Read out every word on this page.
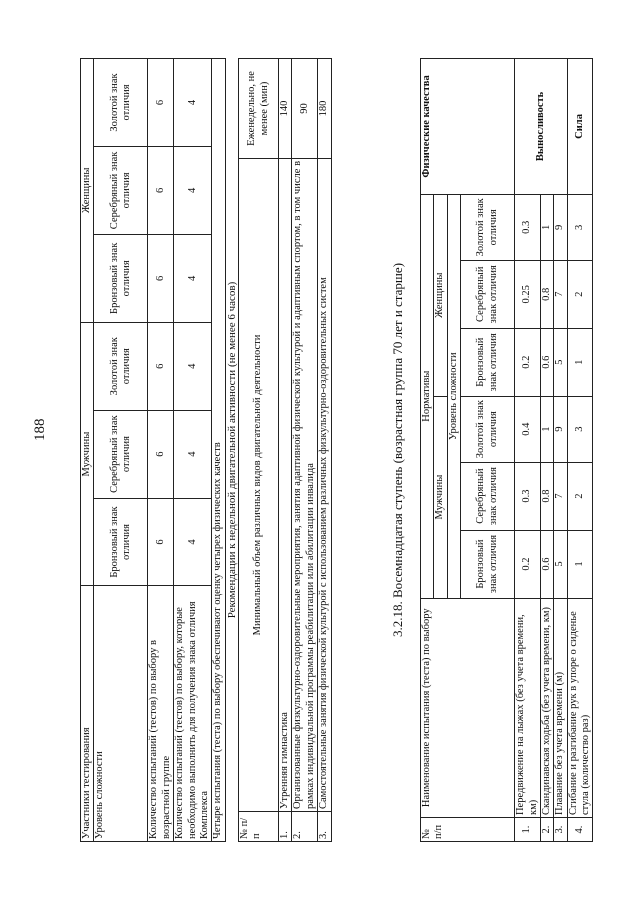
188
Участники тестирования	Мужчины			Женщины		
Уровень сложности	Бронзовый знак отличия	Серебряный знак отличия	Золотой знак отличия	Бронзовый знак отличия	Серебряный знак отличия	Золотой знак отличия
Количество испытаний (тестов) по выбору в возрастной группе	6	6	6	6	6	6
Количество испытаний (тестов) по выбору, которые необходимо выполнить для получения знака отличия Комплекса	4	4	4	4	4	4
Четыре испытания (теста) по выбору обеспечивают оценку четырех физических качеств						Рекомендации к недельной двигательной активности (не менее 6 часов)
№ п/п	Минимальный объем различных видов двигательной деятельности	Еженедельно, не менее (мин)
1.	Утренняя гимнастика	140
2.	Организованные физкультурно-оздоровительные мероприятия, занятия адаптивной физической культурой и адаптивным спортом, в том числе в рамках индивидуальной программы реабилитации или абилитации инвалида	90
3.	Самостоятельные занятия физической культурой с использованием различных физкультурно-оздоровительных систем	180
3.2.18. Восемнадцатая ступень (возрастная группа 70 лет и старше)
№ п/п	Наименование испытания (теста) по выбору	Нормативы						Физические качества
		Мужчины			Женщины			
		Уровень сложности						
		Бронзовый знак отличия	Серебряный знак отличия	Золотой знак отличия	Бронзовый знак отличия	Серебряный знак отличия	Золотой знак отличия	
1.	Передвижение на лыжах (без учета времени, км)	0.2	0.3	0.4	0.2	0.25	0.3	Выносливость
2.	Скандинавская ходьба (без учета времени, км)	0.6	0.8	1	0.6	0.8	1	
3.	Плавание без учета времени (м)	5	7	9	5	7	9	
4.	Сгибание и разгибание рук в упоре о сиденье стула (количество раз)	1	2	3	1	2	3	Сила
